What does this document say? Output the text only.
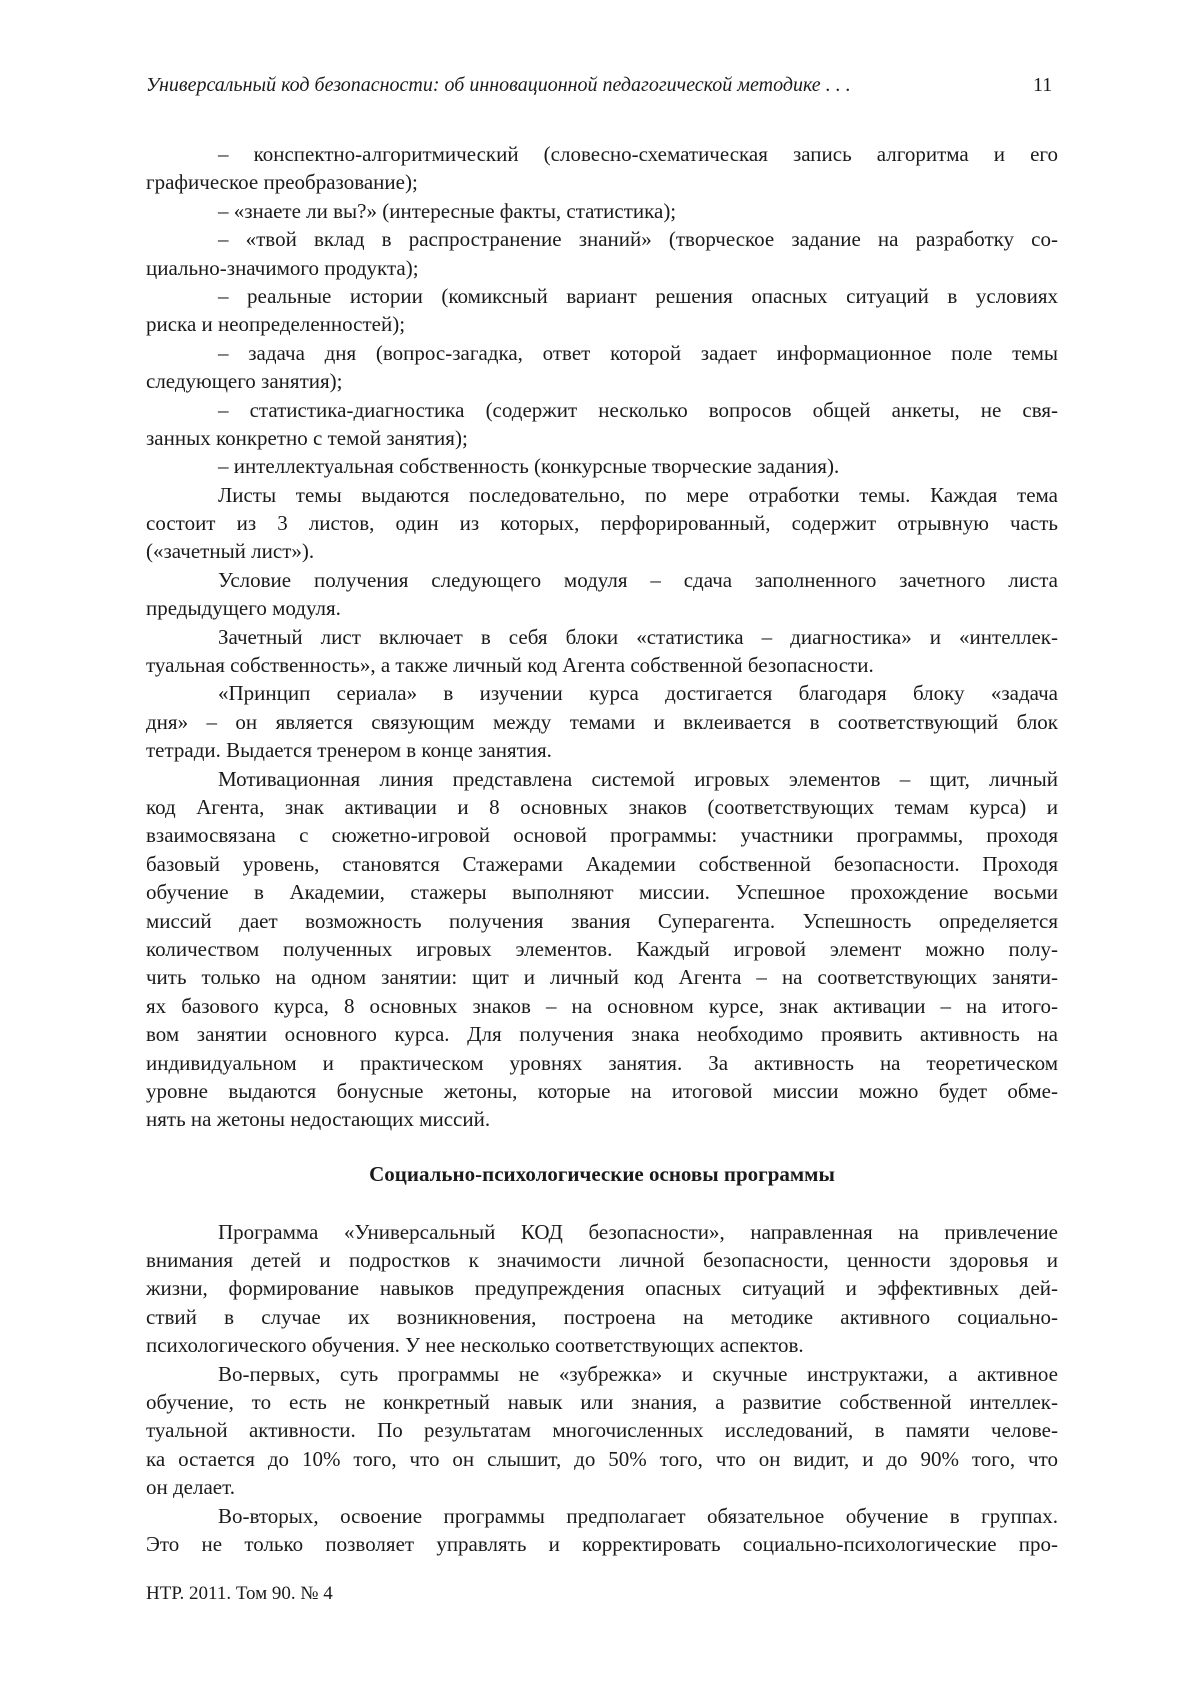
Универсальный код безопасности: об инновационной педагогической методике . . .	11
– конспектно-алгоритмический (словесно-схематическая запись алгоритма и его
графическое преобразование);
– «знаете ли вы?» (интересные факты, статистика);
– «твой вклад в распространение знаний» (творческое задание на разработку со-
циально-значимого продукта);
– реальные истории (комиксный вариант решения опасных ситуаций в условиях
риска и неопределенностей);
– задача дня (вопрос-загадка, ответ которой задает информационное поле темы
следующего занятия);
– статистика-диагностика (содержит несколько вопросов общей анкеты, не свя-
занных конкретно с темой занятия);
– интеллектуальная собственность (конкурсные творческие задания).
Листы темы выдаются последовательно, по мере отработки темы. Каждая тема
состоит из 3 листов, один из которых, перфорированный, содержит отрывную часть
(«зачетный лист»).
Условие получения следующего модуля – сдача заполненного зачетного листа
предыдущего модуля.
Зачетный лист включает в себя блоки «статистика – диагностика» и «интеллек-
туальная собственность», а также личный код Агента собственной безопасности.
«Принцип сериала» в изучении курса достигается благодаря блоку «задача
дня» – он является связующим между темами и вклеивается в соответствующий блок
тетради. Выдается тренером в конце занятия.
Мотивационная линия представлена системой игровых элементов – щит, личный
код Агента, знак активации и 8 основных знаков (соответствующих темам курса) и
взаимосвязана с сюжетно-игровой основой программы: участники программы, проходя
базовый уровень, становятся Стажерами Академии собственной безопасности. Проходя
обучение в Академии, стажеры выполняют миссии. Успешное прохождение восьми
миссий дает возможность получения звания Суперагента. Успешность определяется
количеством полученных игровых элементов. Каждый игровой элемент можно полу-
чить только на одном занятии: щит и личный код Агента – на соответствующих заняти-
ях базового курса, 8 основных знаков – на основном курсе, знак активации – на итого-
вом занятии основного курса. Для получения знака необходимо проявить активность на
индивидуальном и практическом уровнях занятия. За активность на теоретическом
уровне выдаются бонусные жетоны, которые на итоговой миссии можно будет обме-
нять на жетоны недостающих миссий.
Социально-психологические основы программы
Программа «Универсальный КОД безопасности», направленная на привлечение
внимания детей и подростков к значимости личной безопасности, ценности здоровья и
жизни, формирование навыков предупреждения опасных ситуаций и эффективных дей-
ствий в случае их возникновения, построена на методике активного социально-
психологического обучения. У нее несколько соответствующих аспектов.
Во-первых, суть программы не «зубрежка» и скучные инструктажи, а активное
обучение, то есть не конкретный навык или знания, а развитие собственной интеллек-
туальной активности. По результатам многочисленных исследований, в памяти челове-
ка остается до 10% того, что он слышит, до 50% того, что он видит, и до 90% того, что
он делает.
Во-вторых, освоение программы предполагает обязательное обучение в группах.
Это не только позволяет управлять и корректировать социально-психологические про-
НТР. 2011. Том 90. № 4
